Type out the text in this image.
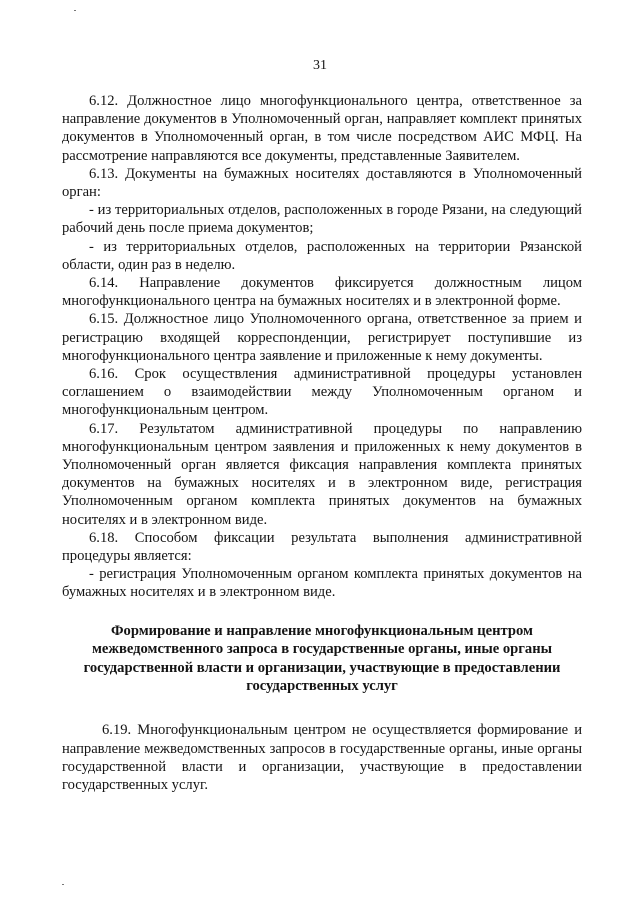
31

6.12. Должностное лицо многофункционального центра, ответственное за направление документов в Уполномоченный орган, направляет комплект принятых документов в Уполномоченный орган, в том числе посредством АИС МФЦ. На рассмотрение направляются все документы, представленные Заявителем.

6.13. Документы на бумажных носителях доставляются в Уполномоченный орган:

- из территориальных отделов, расположенных в городе Рязани, на следующий рабочий день после приема документов;

- из территориальных отделов, расположенных на территории Рязанской области, один раз в неделю.

6.14. Направление документов фиксируется должностным лицом многофункционального центра на бумажных носителях и в электронной форме.

6.15. Должностное лицо Уполномоченного органа, ответственное за прием и регистрацию входящей корреспонденции, регистрирует поступившие из многофункционального центра заявление и приложенные к нему документы.

6.16. Срок осуществления административной процедуры установлен соглашением о взаимодействии между Уполномоченным органом и многофункциональным центром.

6.17. Результатом административной процедуры по направлению многофункциональным центром заявления и приложенных к нему документов в Уполномоченный орган является фиксация направления комплекта принятых документов на бумажных носителях и в электронном виде, регистрация Уполномоченным органом комплекта принятых документов на бумажных носителях и в электронном виде.

6.18. Способом фиксации результата выполнения административной процедуры является:

- регистрация Уполномоченным органом комплекта принятых документов на бумажных носителях и в электронном виде.

Формирование и направление многофункциональным центром межведомственного запроса в государственные органы, иные органы государственной власти и организации, участвующие в предоставлении государственных услуг

6.19. Многофункциональным центром не осуществляется формирование и направление межведомственных запросов в государственные органы, иные органы государственной власти и организации, участвующие в предоставлении государственных услуг.
